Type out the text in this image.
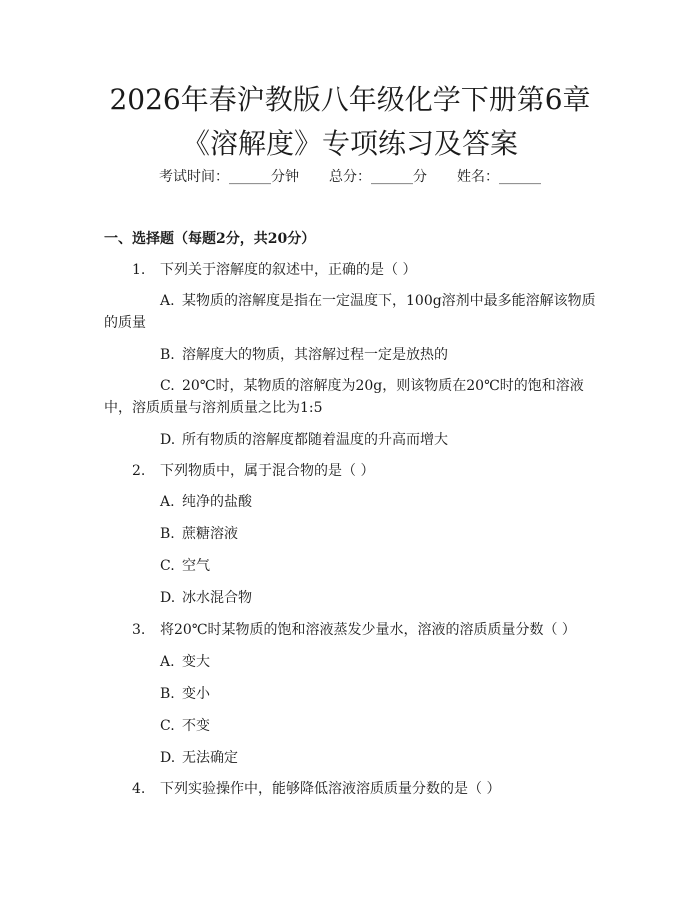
2026年春沪教版八年级化学下册第6章《溶解度》专项练习及答案
考试时间：______分钟 总分：______分 姓名：______
一、选择题（每题2分，共20分）
1. 下列关于溶解度的叙述中，正确的是（ ）
A. 某物质的溶解度是指在一定温度下，100g溶剂中最多能溶解该物质的质量
B. 溶解度大的物质，其溶解过程一定是放热的
C. 20℃时，某物质的溶解度为20g，则该物质在20℃时的饱和溶液中，溶质质量与溶剂质量之比为1:5
D. 所有物质的溶解度都随着温度的升高而增大
2. 下列物质中，属于混合物的是（ ）
A. 纯净的盐酸
B. 蔗糖溶液
C. 空气
D. 冰水混合物
3. 将20℃时某物质的饱和溶液蒸发少量水，溶液的溶质质量分数（ ）
A. 变大
B. 变小
C. 不变
D. 无法确定
4. 下列实验操作中，能够降低溶液溶质质量分数的是（ ）
